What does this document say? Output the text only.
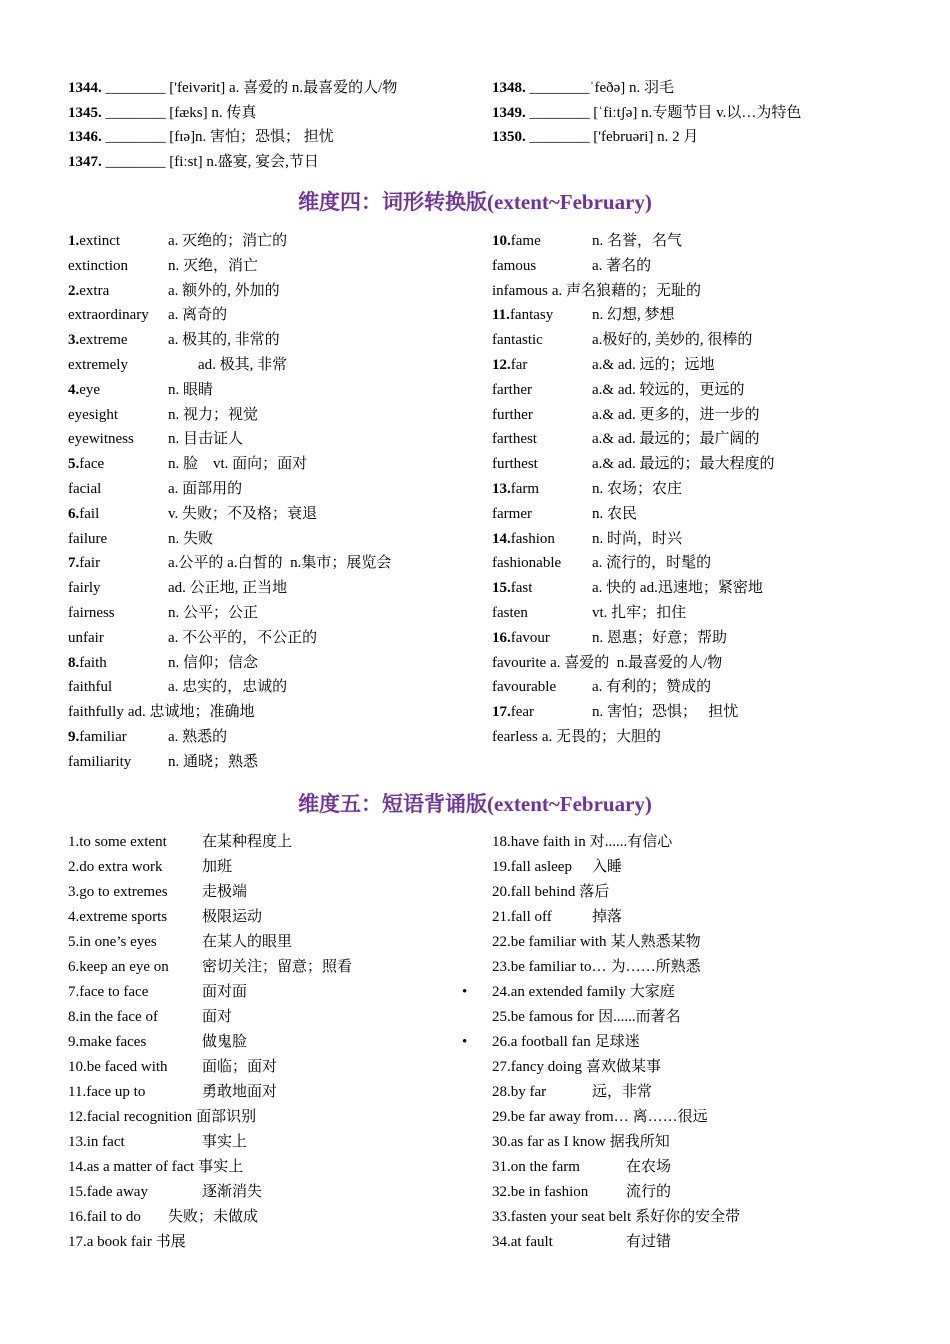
1344. ________ ['feivərit] a. 喜爱的 n.最喜爱的人/物
1345. ________ [fæks] n. 传真
1346. ________ [fɪə]n. 害怕；恐惧； 担忧
1347. ________ [fiːst] n.盛宴, 宴会,节日
1348. ________ˈfeðə] n. 羽毛
1349. ________ [ˈfiːtʃə] n.专题节目 v.以…为特色
1350. ________ ['februəri] n. 2 月
维度四：词形转换版(extent~February)
1.extinct	a. 灭绝的；消亡的
extinction	n. 灭绝，消亡
2.extra	a. 额外的, 外加的
extraordinary	a. 离奇的
3.extreme	a. 极其的, 非常的
extremely	ad. 极其, 非常
4.eye	n. 眼睛
eyesight	n. 视力；视觉
eyewitness	n. 目击证人
5.face	n. 脸    vt. 面向；面对
facial	a. 面部用的
6.fail	v. 失败；不及格；衰退
failure	n. 失败
7.fair	a.公平的 a.白皙的  n.集市；展览会
fairly	ad. 公正地, 正当地
fairness	n. 公平；公正
unfair	a. 不公平的，不公正的
8.faith	n. 信仰；信念
faithful	a. 忠实的，忠诚的
faithfully ad. 忠诚地；准确地
9.familiar	a. 熟悉的
familiarity	n. 通晓；熟悉
10.fame	n. 名誉，名气
famous	a. 著名的
infamous a. 声名狼藉的；无耻的
11.fantasy	n. 幻想, 梦想
fantastic	a.极好的, 美妙的, 很棒的
12.far	a.& ad. 远的；远地
farther	a.& ad. 较远的，更远的
further	a.& ad. 更多的，进一步的
farthest	a.& ad. 最远的；最广阔的
furthest	a.& ad. 最远的；最大程度的
13.farm	n. 农场；农庄
farmer	n. 农民
14.fashion	n. 时尚，时兴
fashionable	a. 流行的，时髦的
15.fast	a. 快的 ad.迅速地；紧密地
fasten	vt. 扎牢；扣住
16.favour	n. 恩惠；好意；帮助
favourite a. 喜爱的  n.最喜爱的人/物
favourable	a. 有利的；赞成的
17.fear	n. 害怕；恐惧；   担忧
fearless a. 无畏的；大胆的
维度五：短语背诵版(extent~February)
1.to some extent 在某种程度上
2.do extra work	加班
3.go to extremes 走极端
4.extreme sports 极限运动
5.in one’s eyes	在某人的眼里
6.keep an eye on 密切关注；留意；照看
7.face to face	面对面
8.in the face of	面对
9.make faces	做鬼脸
10.be faced with 面临；面对
11.face up to	勇敢地面对
12.facial recognition 面部识别
13.in fact	事实上
14.as a matter of fact 事实上
15.fade away	逐渐消失
16.fail to do 失败；未做成
17.a book fair 书展
18.have faith in 对......有信心
19.fall asleep 入睡
20.fall behind 落后
21.fall off	掉落
22.be familiar with 某人熟悉某物
23.be familiar to… 为……所熟悉
• 24.an extended family 大家庭
25.be famous for 因......而著名
• 26.a football fan 足球迷
27.fancy doing 喜欢做某事
28.by far	远，非常
29.be far away from… 离……很远
30.as far as I know 据我所知
31.on the farm	在农场
32.be in fashion	流行的
33.fasten your seat belt 系好你的安全带
34.at fault	有过错
